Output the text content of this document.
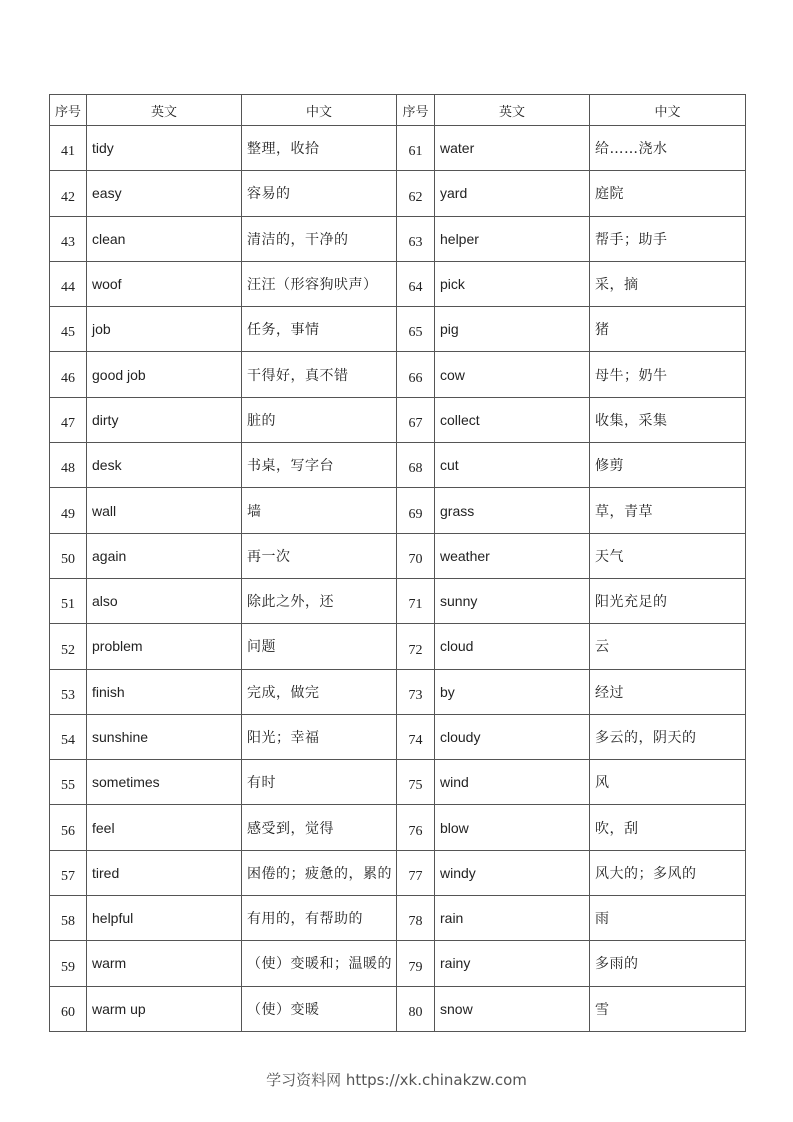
序号	英文	中文	序号	英文	中文

41	tidy	整理，收拾	61	water	给……浇水

42	easy	容易的	62	yard	庭院

43	clean	清洁的，干净的	63	helper	帮手；助手

44	woof	汪汪（形容狗吠声）	64	pick	采，摘

45	job	任务，事情	65	pig	猪

46	good job	干得好，真不错	66	cow	母牛；奶牛

47	dirty	脏的	67	collect	收集，采集

48	desk	书桌，写字台	68	cut	修剪

49	wall	墙	69	grass	草，青草

50	again	再一次	70	weather	天气

51	also	除此之外，还	71	sunny	阳光充足的

52	problem	问题	72	cloud	云

53	finish	完成，做完	73	by	经过

54	sunshine	阳光；幸福	74	cloudy	多云的，阴天的

55	sometimes	有时	75	wind	风

56	feel	感受到，觉得	76	blow	吹，刮

57	tired	困倦的；疲惫的，累的	77	windy	风大的；多风的

58	helpful	有用的，有帮助的	78	rain	雨

59	warm	（使）变暖和；温暖的	79	rainy	多雨的

60	warm up	（使）变暖	80	snow	雪
学习资料网 https://xk.chinakzw.com
